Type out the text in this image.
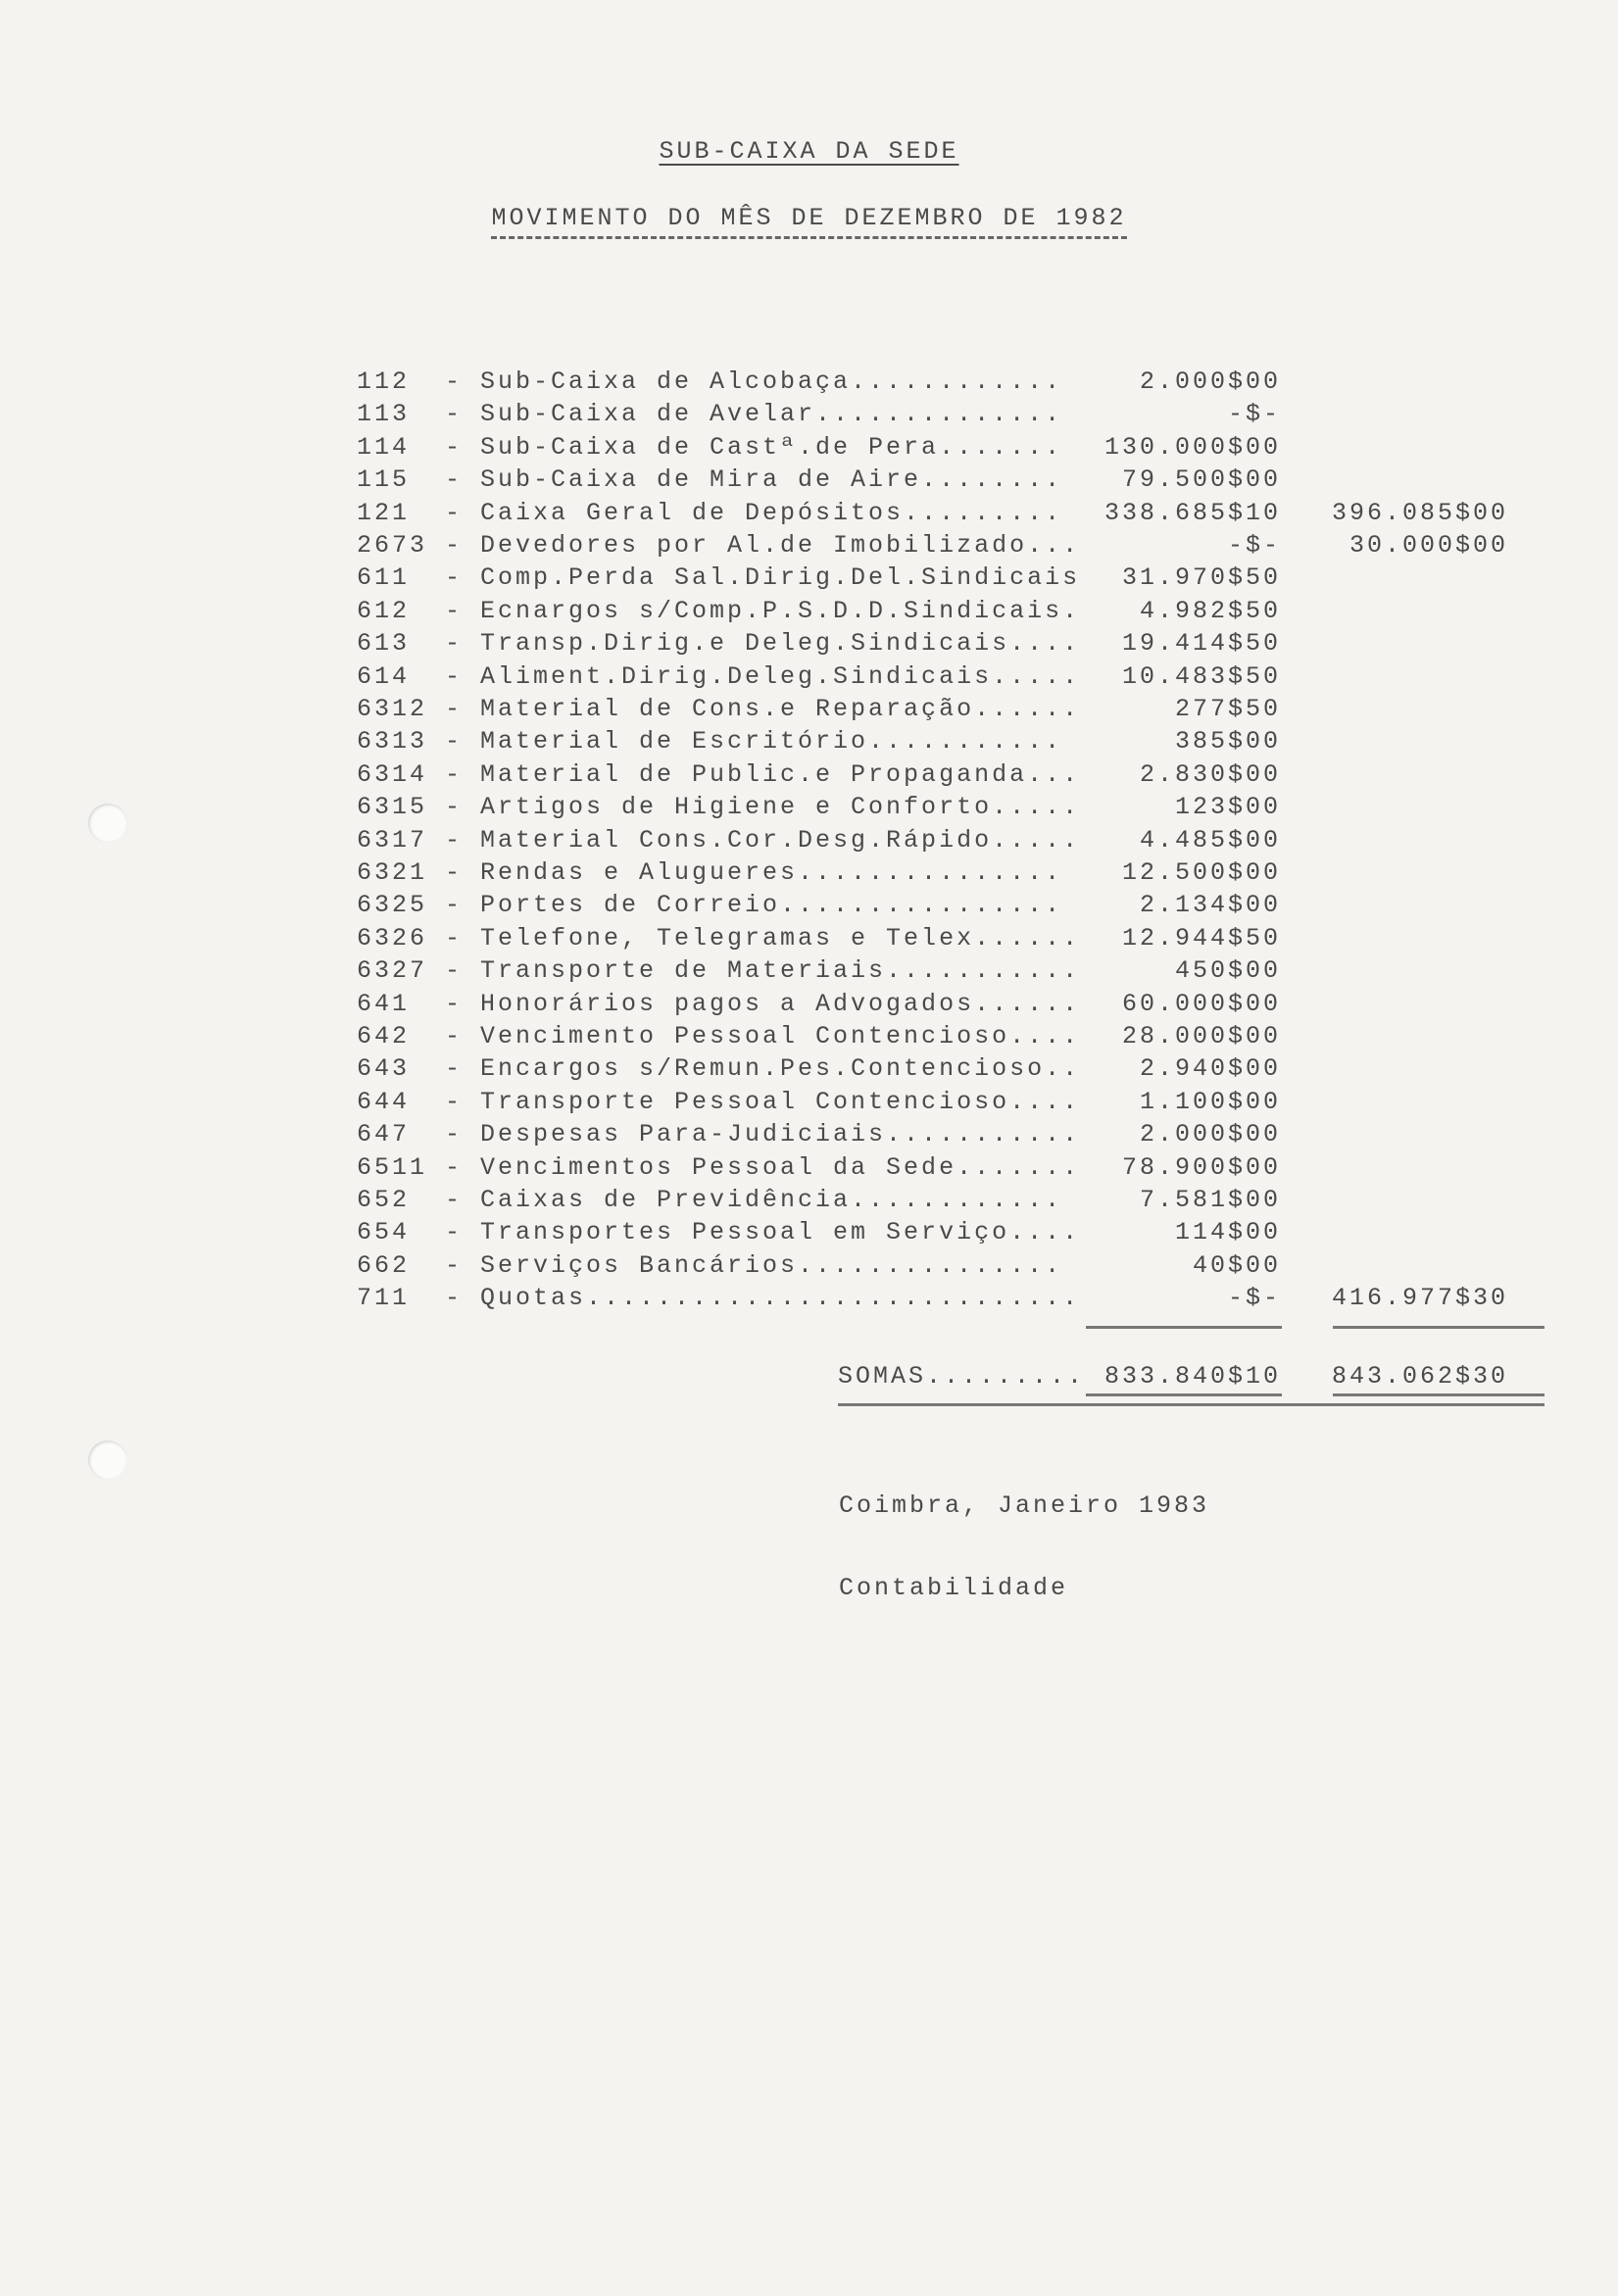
SUB-CAIXA DA SEDE
MOVIMENTO DO MÊS DE DEZEMBRO DE 1982
112 - Sub-Caixa de Alcobaça............	2.000$00
113 - Sub-Caixa de Avelar..............	-$-
114 - Sub-Caixa de Castª.de Pera....... 130.000$00
115 - Sub-Caixa de Mira de Aire........ 79.500$00
121 - Caixa Geral de Depósitos......... 338.685$10 396.085$00
2673 - Devedores por Al.de Imobilizado...	-$-	30.000$00
611 - Comp.Perda Sal.Dirig.Del.Sindicais 31.970$50
612 - Ecnargos s/Comp.P.S.D.D.Sindicais. 4.982$50
613 - Transp.Dirig.e Deleg.Sindicais.... 19.414$50
614 - Aliment.Dirig.Deleg.Sindicais..... 10.483$50
6312 - Material de Cons.e Reparação......	277$50
6313 - Material de Escritório...........	385$00
6314 - Material de Public.e Propaganda... 2.830$00
6315 - Artigos de Higiene e Conforto.....	123$00
6317 - Material Cons.Cor.Desg.Rápido..... 4.485$00
6321 - Rendas e Alugueres............... 12.500$00
6325 - Portes de Correio................	2.134$00
6326 - Telefone, Telegramas e Telex...... 12.944$50
6327 - Transporte de Materiais...........	450$00
641 - Honorários pagos a Advogados...... 60.000$00
642 - Vencimento Pessoal Contencioso.... 28.000$00
643 - Encargos s/Remun.Pes.Contencioso.. 2.940$00
644 - Transporte Pessoal Contencioso.... 1.100$00
647 - Despesas Para-Judiciais........... 2.000$00
6511 - Vencimentos Pessoal da Sede....... 78.900$00
652 - Caixas de Previdência............	7.581$00
654 - Transportes Pessoal em Serviço....	114$00
662 - Serviços Bancários...............	40$00
711 - Quotas............................	-$- 416.977$30
SOMAS......... 833.840$10 843.062$30
Coimbra, Janeiro 1983
Contabilidade
